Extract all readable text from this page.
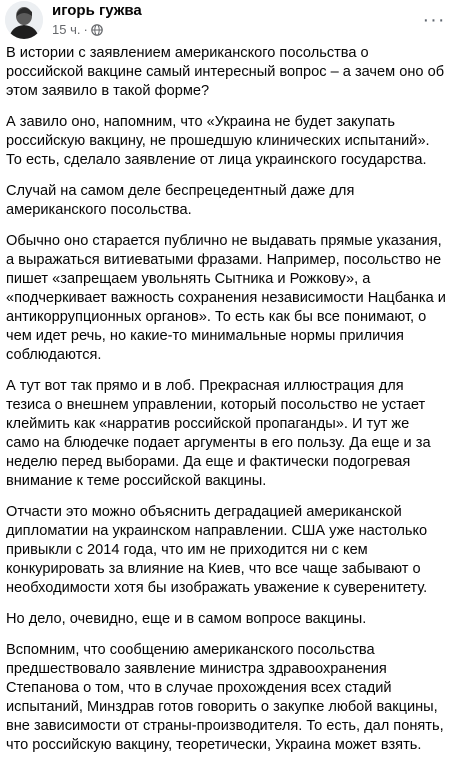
игорь гужва
15 ч. ·	···

В истории с заявлением американского посольства о российской вакцине самый интересный вопрос – а зачем оно об этом заявило в такой форме?

А завило оно, напомним, что «Украина не будет закупать российскую вакцину, не прошедшую клинических испытаний». То есть, сделало заявление от лица украинского государства.

Случай на самом деле беспрецедентный даже для американского посольства.

Обычно оно старается публично не выдавать прямые указания, а выражаться витиеватыми фразами. Например, посольство не пишет «запрещаем увольнять Сытника и Рожкову», а «подчеркивает важность сохранения независимости Нацбанка и антикоррупционных органов». То есть как бы все понимают, о чем идет речь, но какие-то минимальные нормы приличия соблюдаются.

А тут вот так прямо и в лоб. Прекрасная иллюстрация для тезиса о внешнем управлении, который посольство не устает клеймить как «нарратив российской пропаганды». И тут же само на блюдечке подает аргументы в его пользу. Да еще и за неделю перед выборами. Да еще и фактически подогревая внимание к теме российской вакцины.

Отчасти это можно объяснить деградацией американской дипломатии на украинском направлении. США уже настолько привыкли с 2014 года, что им не приходится ни с кем конкурировать за влияние на Киев, что все чаще забывают о необходимости хотя бы изображать уважение к суверенитету.

Но дело, очевидно, еще и в самом вопросе вакцины.

Вспомним, что сообщению американского посольства предшествовало заявление министра здравоохранения Степанова о том, что в случае прохождения всех стадий испытаний, Минздрав готов говорить о закупке любой вакцины, вне зависимости от страны-производителя. То есть, дал понять, что российскую вакцину, теоретически, Украина может взять.
